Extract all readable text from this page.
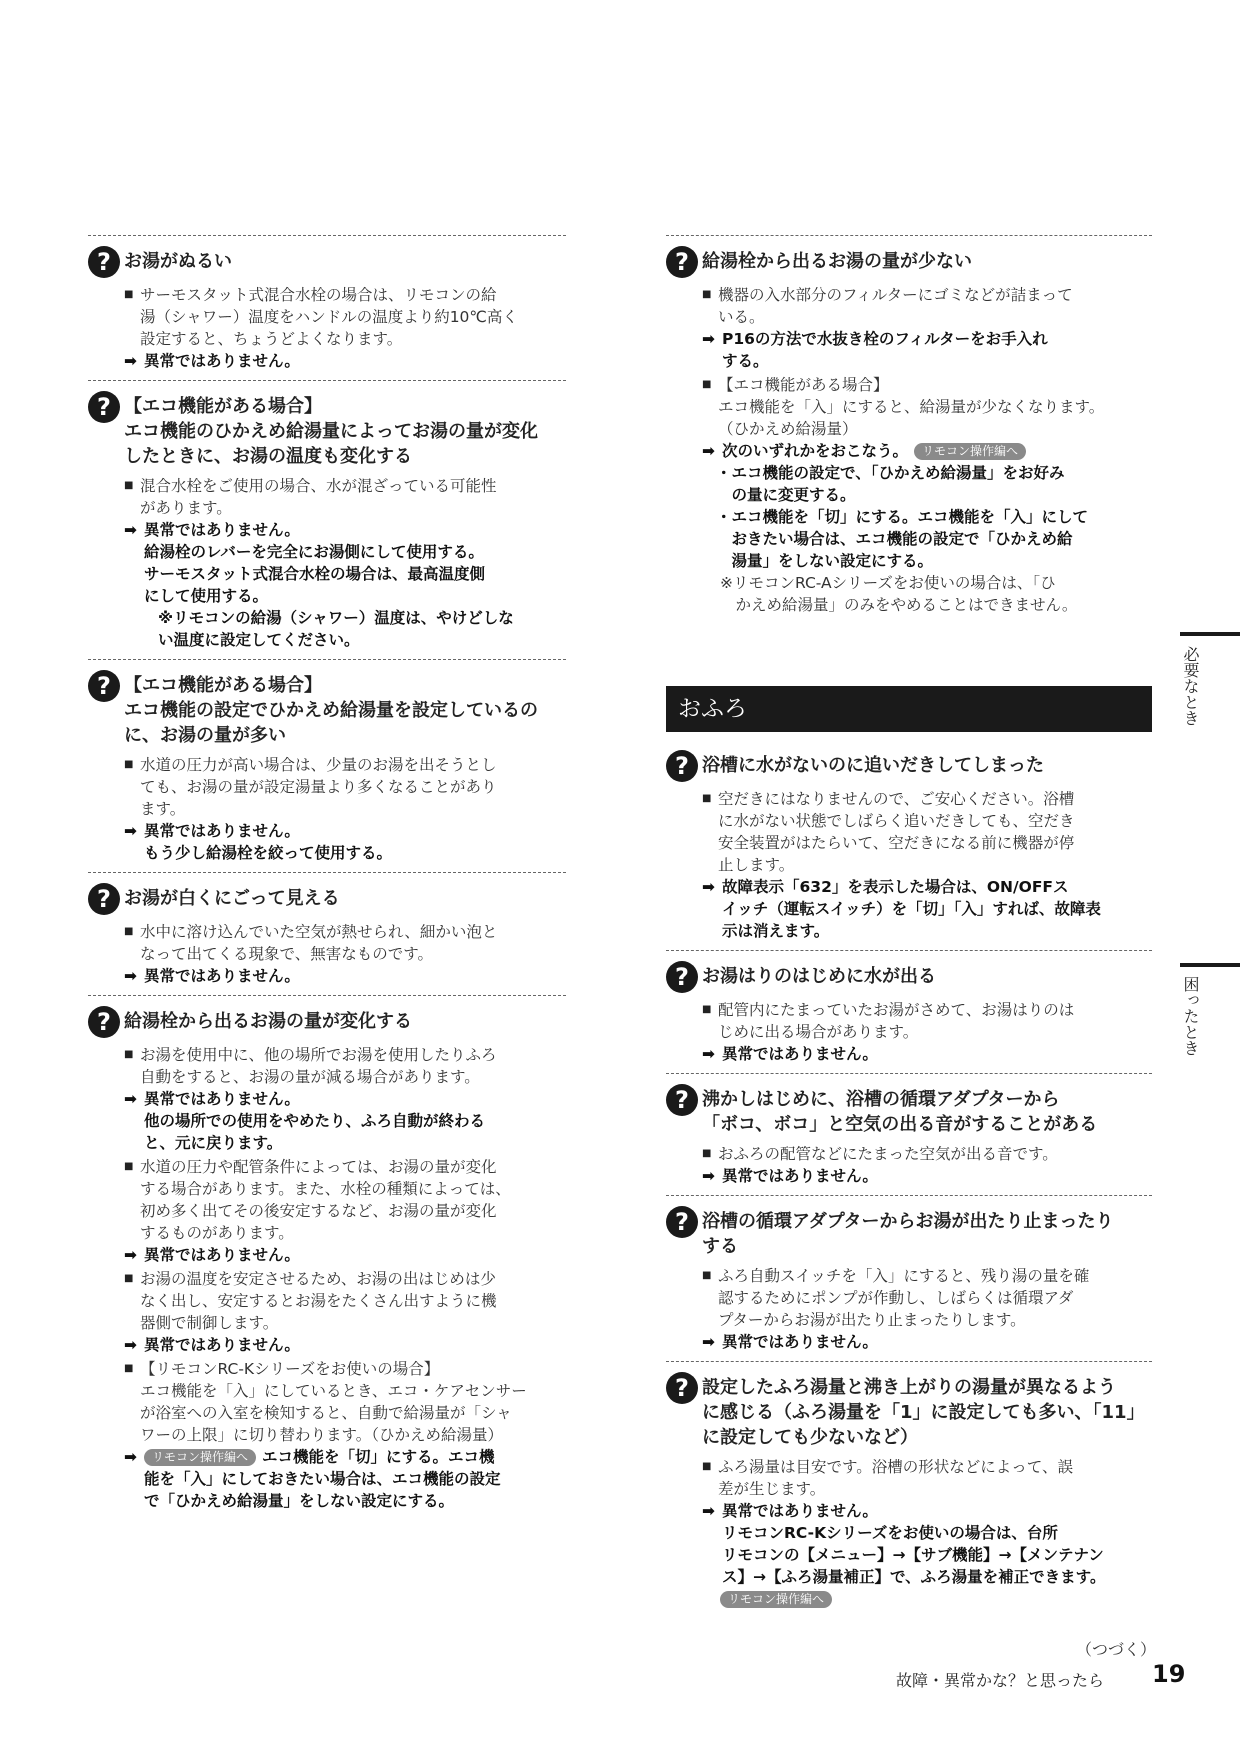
? お湯がぬるい
■ サーモスタット式混合水栓の場合は、リモコンの給
湯（シャワー）温度をハンドルの温度より約10℃高く
設定すると、ちょうどよくなります。
➡ 異常ではありません。
? 【エコ機能がある場合】
エコ機能のひかえめ給湯量によってお湯の量が変化
したときに、お湯の温度も変化する
■ 混合水栓をご使用の場合、水が混ざっている可能性
があります。
➡ 異常ではありません。
給湯栓のレバーを完全にお湯側にして使用する。
サーモスタット式混合水栓の場合は、最高温度側
にして使用する。
※リモコンの給湯（シャワー）温度は、やけどしな
い温度に設定してください。
? 【エコ機能がある場合】
エコ機能の設定でひかえめ給湯量を設定しているの
に、お湯の量が多い
■ 水道の圧力が高い場合は、少量のお湯を出そうとし
ても、お湯の量が設定湯量より多くなることがあり
ます。
➡ 異常ではありません。
もう少し給湯栓を絞って使用する。
? お湯が白くにごって見える
■ 水中に溶け込んでいた空気が熱せられ、細かい泡と
なって出てくる現象で、無害なものです。
➡ 異常ではありません。
? 給湯栓から出るお湯の量が変化する
■ お湯を使用中に、他の場所でお湯を使用したりふろ
自動をすると、お湯の量が減る場合があります。
➡ 異常ではありません。
他の場所での使用をやめたり、ふろ自動が終わる
と、元に戻ります。
■ 水道の圧力や配管条件によっては、お湯の量が変化
する場合があります。また、水栓の種類によっては、
初め多く出てその後安定するなど、お湯の量が変化
するものがあります。
➡ 異常ではありません。
■ お湯の温度を安定させるため、お湯の出はじめは少
なく出し、安定するとお湯をたくさん出すように機
器側で制御します。
➡ 異常ではありません。
■ 【リモコンRC-Kシリーズをお使いの場合】
エコ機能を「入」にしているとき、エコ・ケアセンサー
が浴室への入室を検知すると、自動で給湯量が「シャ
ワーの上限」に切り替わります。（ひかえめ給湯量）
➡	リモコン操作編へ エコ機能を「切」にする。エコ機
能を「入」にしておきたい場合は、エコ機能の設定
で「ひかえめ給湯量」をしない設定にする。
? 給湯栓から出るお湯の量が少ない
■ 機器の入水部分のフィルターにゴミなどが詰まって
いる。
➡ P16の方法で水抜き栓のフィルターをお手入れ
する。
■ 【エコ機能がある場合】
エコ機能を「入」にすると、給湯量が少なくなります。
（ひかえめ給湯量）
➡ 次のいずれかをおこなう。 リモコン操作編へ
・エコ機能の設定で、「ひかえめ給湯量」をお好み
　の量に変更する。
・エコ機能を「切」にする。エコ機能を「入」にして
　おきたい場合は、エコ機能の設定で「ひかえめ給
　湯量」をしない設定にする。
※リモコンRC-Aシリーズをお使いの場合は、「ひ
　かえめ給湯量」のみをやめることはできません。
おふろ
? 浴槽に水がないのに追いだきしてしまった
■ 空だきにはなりませんので、ご安心ください。浴槽
に水がない状態でしばらく追いだきしても、空だき
安全装置がはたらいて、空だきになる前に機器が停
止します。
➡ 故障表示「632」を表示した場合は、ON/OFFス
イッチ（運転スイッチ）を「切」「入」すれば、故障表
示は消えます。
? お湯はりのはじめに水が出る
■ 配管内にたまっていたお湯がさめて、お湯はりのは
じめに出る場合があります。
➡ 異常ではありません。
? 沸かしはじめに、浴槽の循環アダプターから
「ボコ、ボコ」と空気の出る音がすることがある
■ おふろの配管などにたまった空気が出る音です。
➡ 異常ではありません。
? 浴槽の循環アダプターからお湯が出たり止まったり
する
■ ふろ自動スイッチを「入」にすると、残り湯の量を確
認するためにポンプが作動し、しばらくは循環アダ
プターからお湯が出たり止まったりします。
➡ 異常ではありません。
? 設定したふろ湯量と沸き上がりの湯量が異なるよう
に感じる（ふろ湯量を「1」に設定しても多い、「11」
に設定しても少ないなど）
■ ふろ湯量は目安です。浴槽の形状などによって、誤
差が生じます。
➡ 異常ではありません。
リモコンRC-Kシリーズをお使いの場合は、台所
リモコンの【メニュー】→【サブ機能】→【メンテナン
ス】→【ふろ湯量補正】で、ふろ湯量を補正できます。
リモコン操作編へ
必要なとき
困ったとき
（つづく）
故障・異常かな？と思ったら 19
